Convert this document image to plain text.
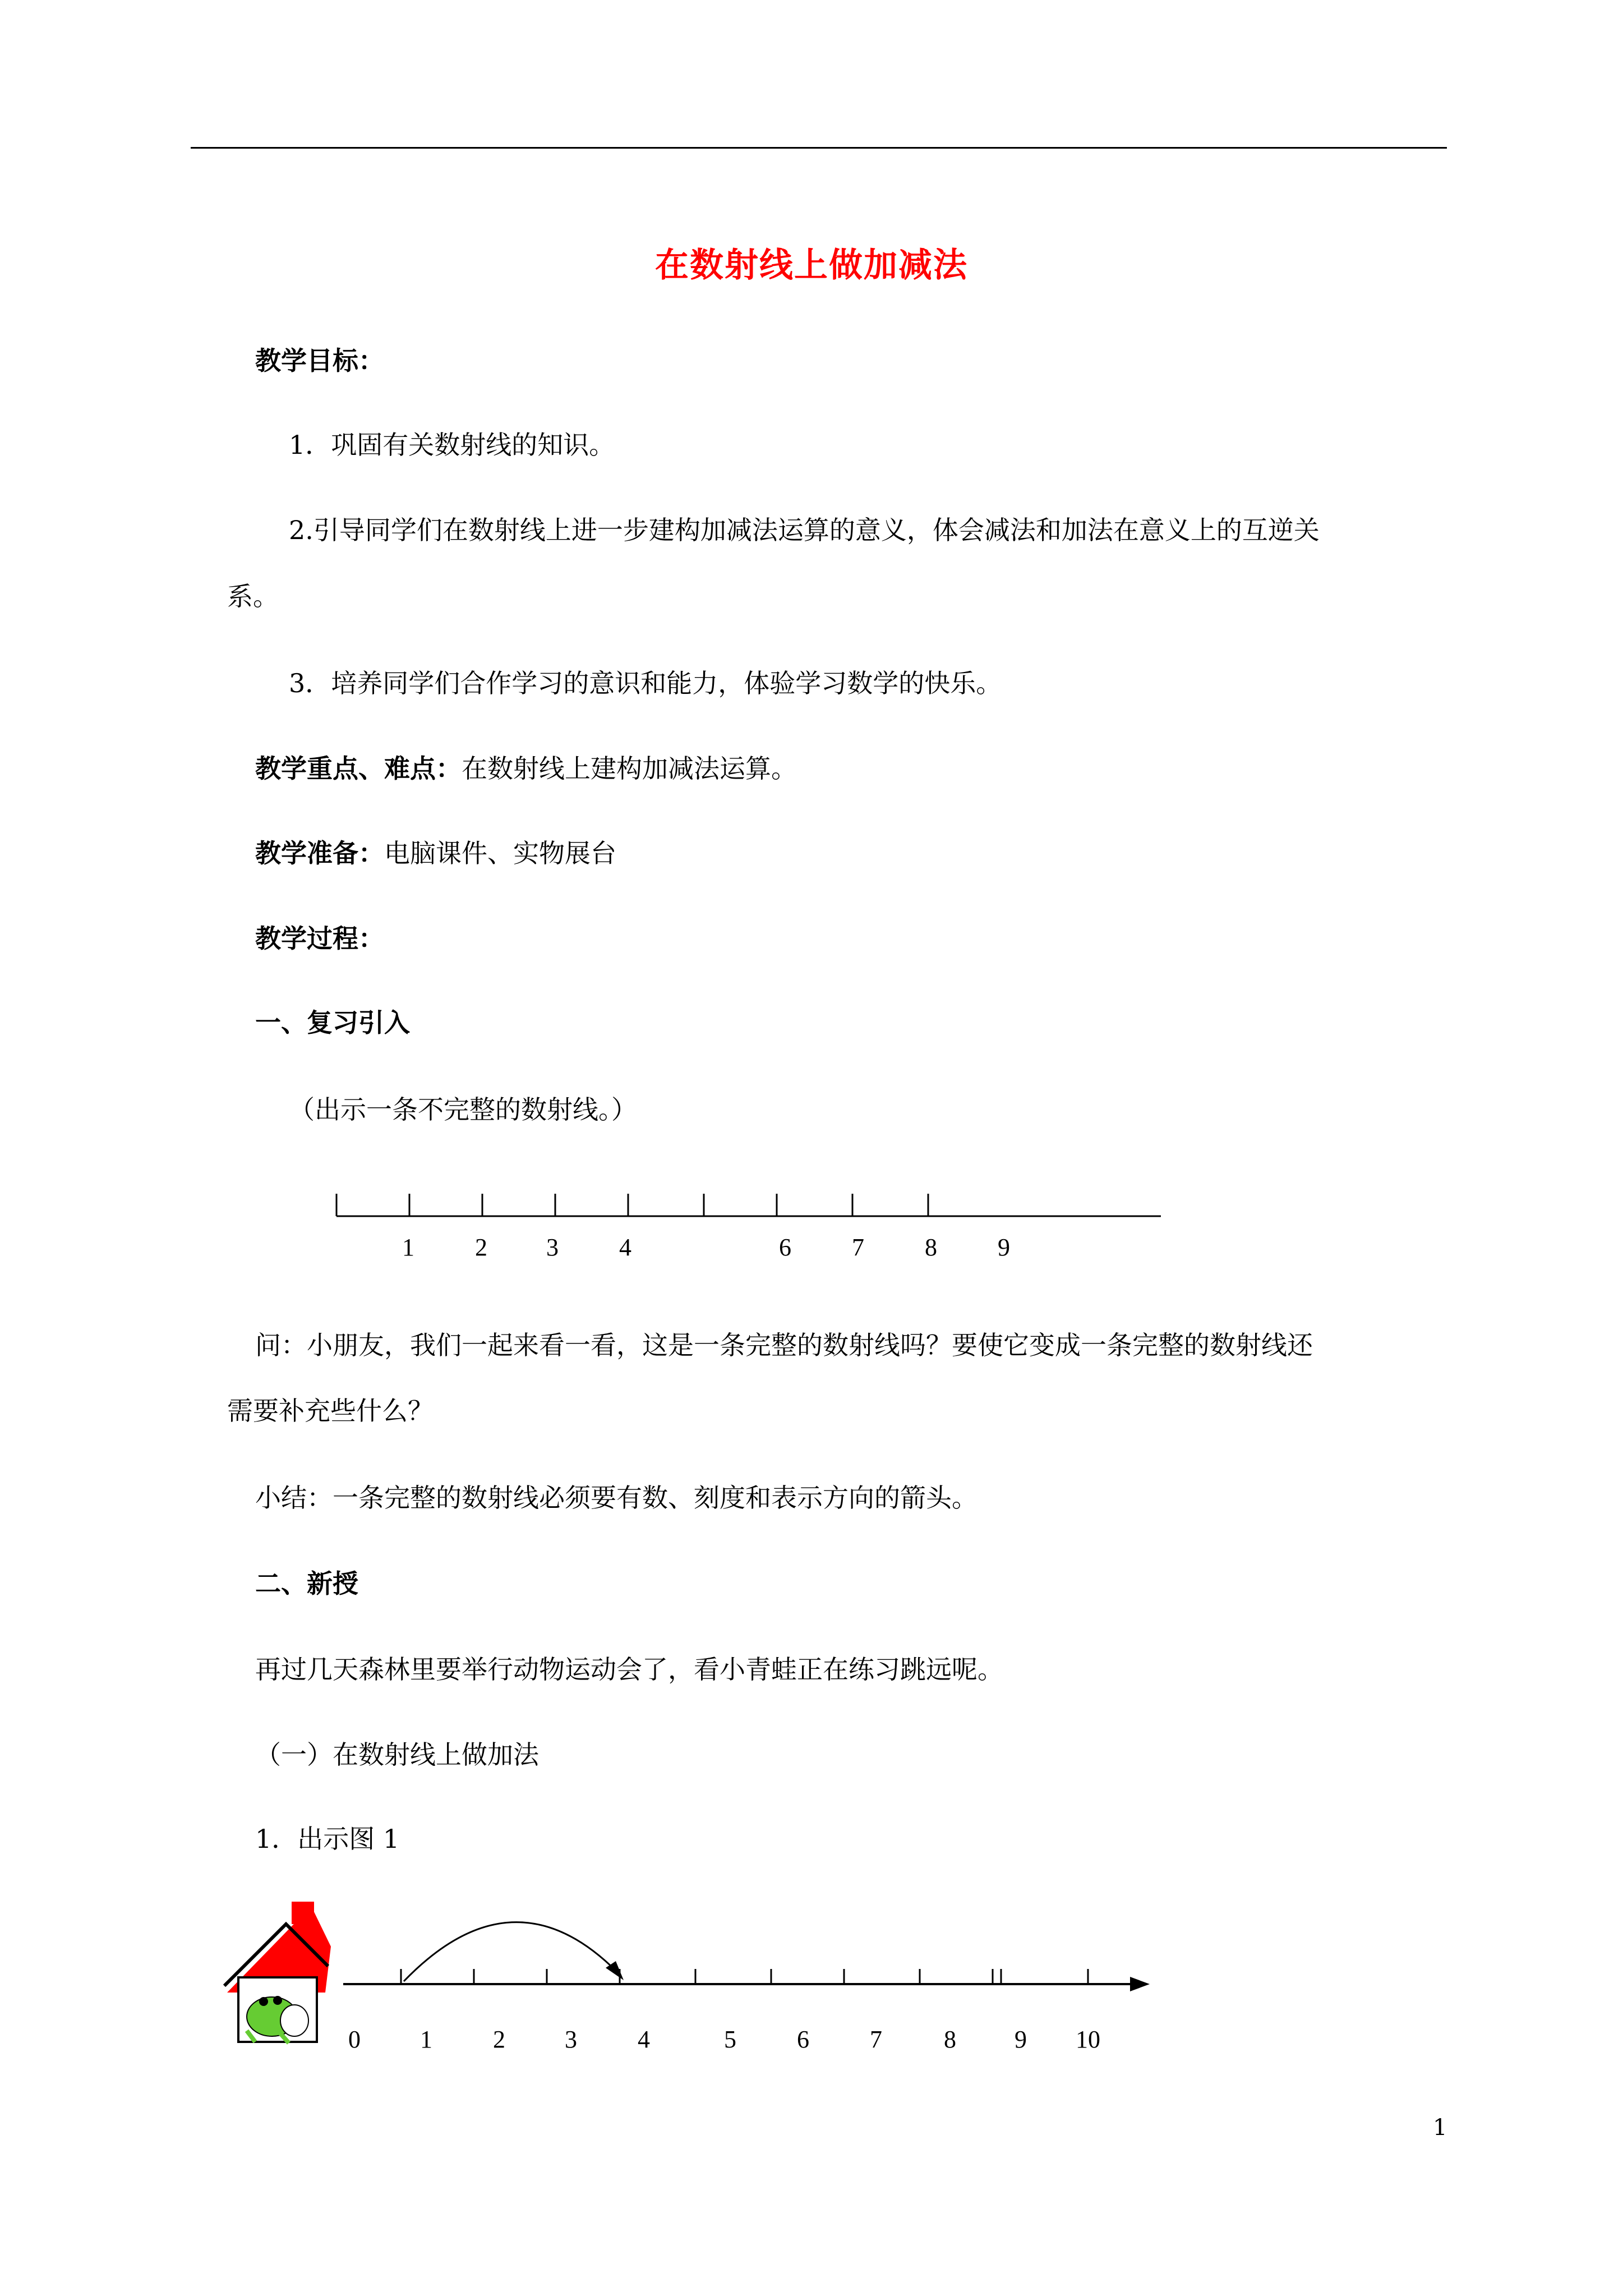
在数射线上做加减法
教学目标：
1．巩固有关数射线的知识。
2.引导同学们在数射线上进一步建构加减法运算的意义，体会减法和加法在意义上的互逆关
系。
3．培养同学们合作学习的意识和能力，体验学习数学的快乐。
教学重点、难点：在数射线上建构加减法运算。
教学准备：电脑课件、实物展台
教学过程：
一、复习引入
（出示一条不完整的数射线。）
1 2 3 4	6 7 8 9
问：小朋友，我们一起来看一看，这是一条完整的数射线吗？要使它变成一条完整的数射线还
需要补充些什么？
小结：一条完整的数射线必须要有数、刻度和表示方向的箭头。
二、新授
再过几天森林里要举行动物运动会了，看小青蛙正在练习跳远呢。
（一）在数射线上做加法
1．出示图 1
0 1 2 3 4	5 6 7	8 9 10
1
